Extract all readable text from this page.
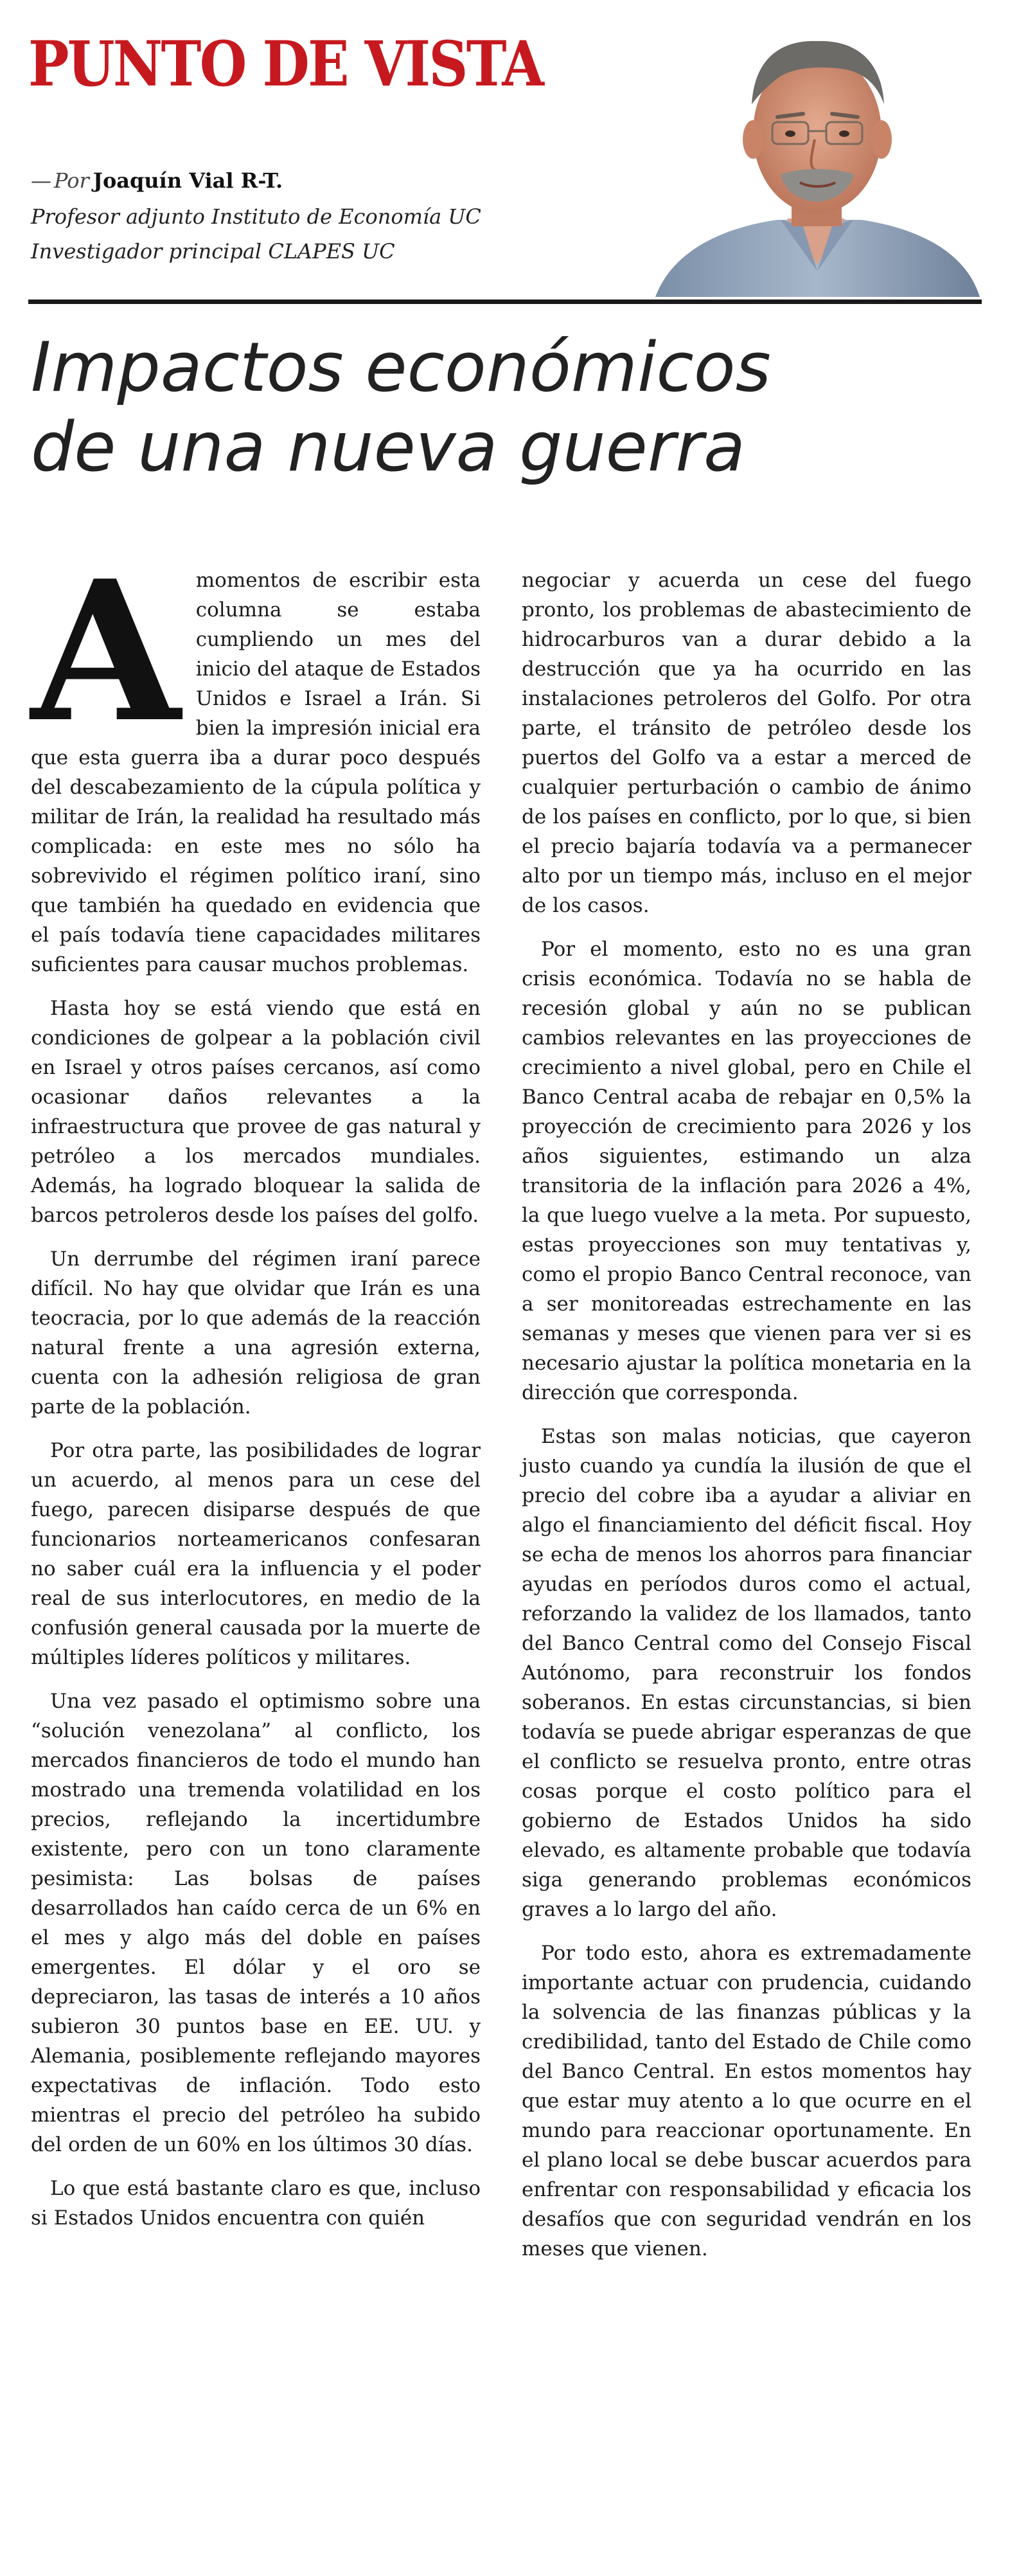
PUNTO DE VISTA
— Por Joaquín Vial R-T.
Profesor adjunto Instituto de Economía UC
Investigador principal CLAPES UC
Impactos económicos
de una nueva guerra

Amomentos de escribir esta columna se estaba cumpliendo un mes del inicio del ataque de Estados Unidos e Israel a Irán. Si bien la impresión inicial era que esta guerra iba a durar poco después del descabezamiento de la cúpula política y militar de Irán, la realidad ha resultado más complicada: en este mes no sólo ha sobrevivido el régimen político iraní, sino que también ha quedado en evidencia que el país todavía tiene capacidades militares suficientes para causar muchos problemas.

Hasta hoy se está viendo que está en condiciones de golpear a la población civil en Israel y otros países cercanos, así como ocasionar daños relevantes a la infraestructura que provee de gas natural y petróleo a los mercados mundiales. Además, ha logrado bloquear la salida de barcos petroleros desde los países del golfo.

Un derrumbe del régimen iraní parece difícil. No hay que olvidar que Irán es una teocracia, por lo que además de la reacción natural frente a una agresión externa, cuenta con la adhesión religiosa de gran parte de la población.

Por otra parte, las posibilidades de lograr un acuerdo, al menos para un cese del fuego, parecen disiparse después de que funcionarios norteamericanos confesaran no saber cuál era la influencia y el poder real de sus interlocutores, en medio de la confusión general causada por la muerte de múltiples líderes políticos y militares.

Una vez pasado el optimismo sobre una “solución venezolana” al conflicto, los mercados financieros de todo el mundo han mostrado una tremenda volatilidad en los precios, reflejando la incertidumbre existente, pero con un tono claramente pesimista: Las bolsas de países desarrollados han caído cerca de un 6% en el mes y algo más del doble en países emergentes. El dólar y el oro se depreciaron, las tasas de interés a 10 años subieron 30 puntos base en EE. UU. y Alemania, posiblemente reflejando mayores expectativas de inflación. Todo esto mientras el precio del petróleo ha subido del orden de un 60% en los últimos 30 días.

Lo que está bastante claro es que, incluso si Estados Unidos encuentra con quién

negociar y acuerda un cese del fuego pronto, los problemas de abastecimiento de hidrocarburos van a durar debido a la destrucción que ya ha ocurrido en las instalaciones petroleros del Golfo. Por otra parte, el tránsito de petróleo desde los puertos del Golfo va a estar a merced de cualquier perturbación o cambio de ánimo de los países en conflicto, por lo que, si bien el precio bajaría todavía va a permanecer alto por un tiempo más, incluso en el mejor de los casos.

Por el momento, esto no es una gran crisis económica. Todavía no se habla de recesión global y aún no se publican cambios relevantes en las proyecciones de crecimiento a nivel global, pero en Chile el Banco Central acaba de rebajar en 0,5% la proyección de crecimiento para 2026 y los años siguientes, estimando un alza transitoria de la inflación para 2026 a 4%, la que luego vuelve a la meta. Por supuesto, estas proyecciones son muy tentativas y, como el propio Banco Central reconoce, van a ser monitoreadas estrechamente en las semanas y meses que vienen para ver si es necesario ajustar la política monetaria en la dirección que corresponda.

Estas son malas noticias, que cayeron justo cuando ya cundía la ilusión de que el precio del cobre iba a ayudar a aliviar en algo el financiamiento del déficit fiscal. Hoy se echa de menos los ahorros para financiar ayudas en períodos duros como el actual, reforzando la validez de los llamados, tanto del Banco Central como del Consejo Fiscal Autónomo, para reconstruir los fondos soberanos. En estas circunstancias, si bien todavía se puede abrigar esperanzas de que el conflicto se resuelva pronto, entre otras cosas porque el costo político para el gobierno de Estados Unidos ha sido elevado, es altamente probable que todavía siga generando problemas económicos graves a lo largo del año.

Por todo esto, ahora es extremadamente importante actuar con prudencia, cuidando la solvencia de las finanzas públicas y la credibilidad, tanto del Estado de Chile como del Banco Central. En estos momentos hay que estar muy atento a lo que ocurre en el mundo para reaccionar oportunamente. En el plano local se debe buscar acuerdos para enfrentar con responsabilidad y eficacia los desafíos que con seguridad vendrán en los meses que vienen.
